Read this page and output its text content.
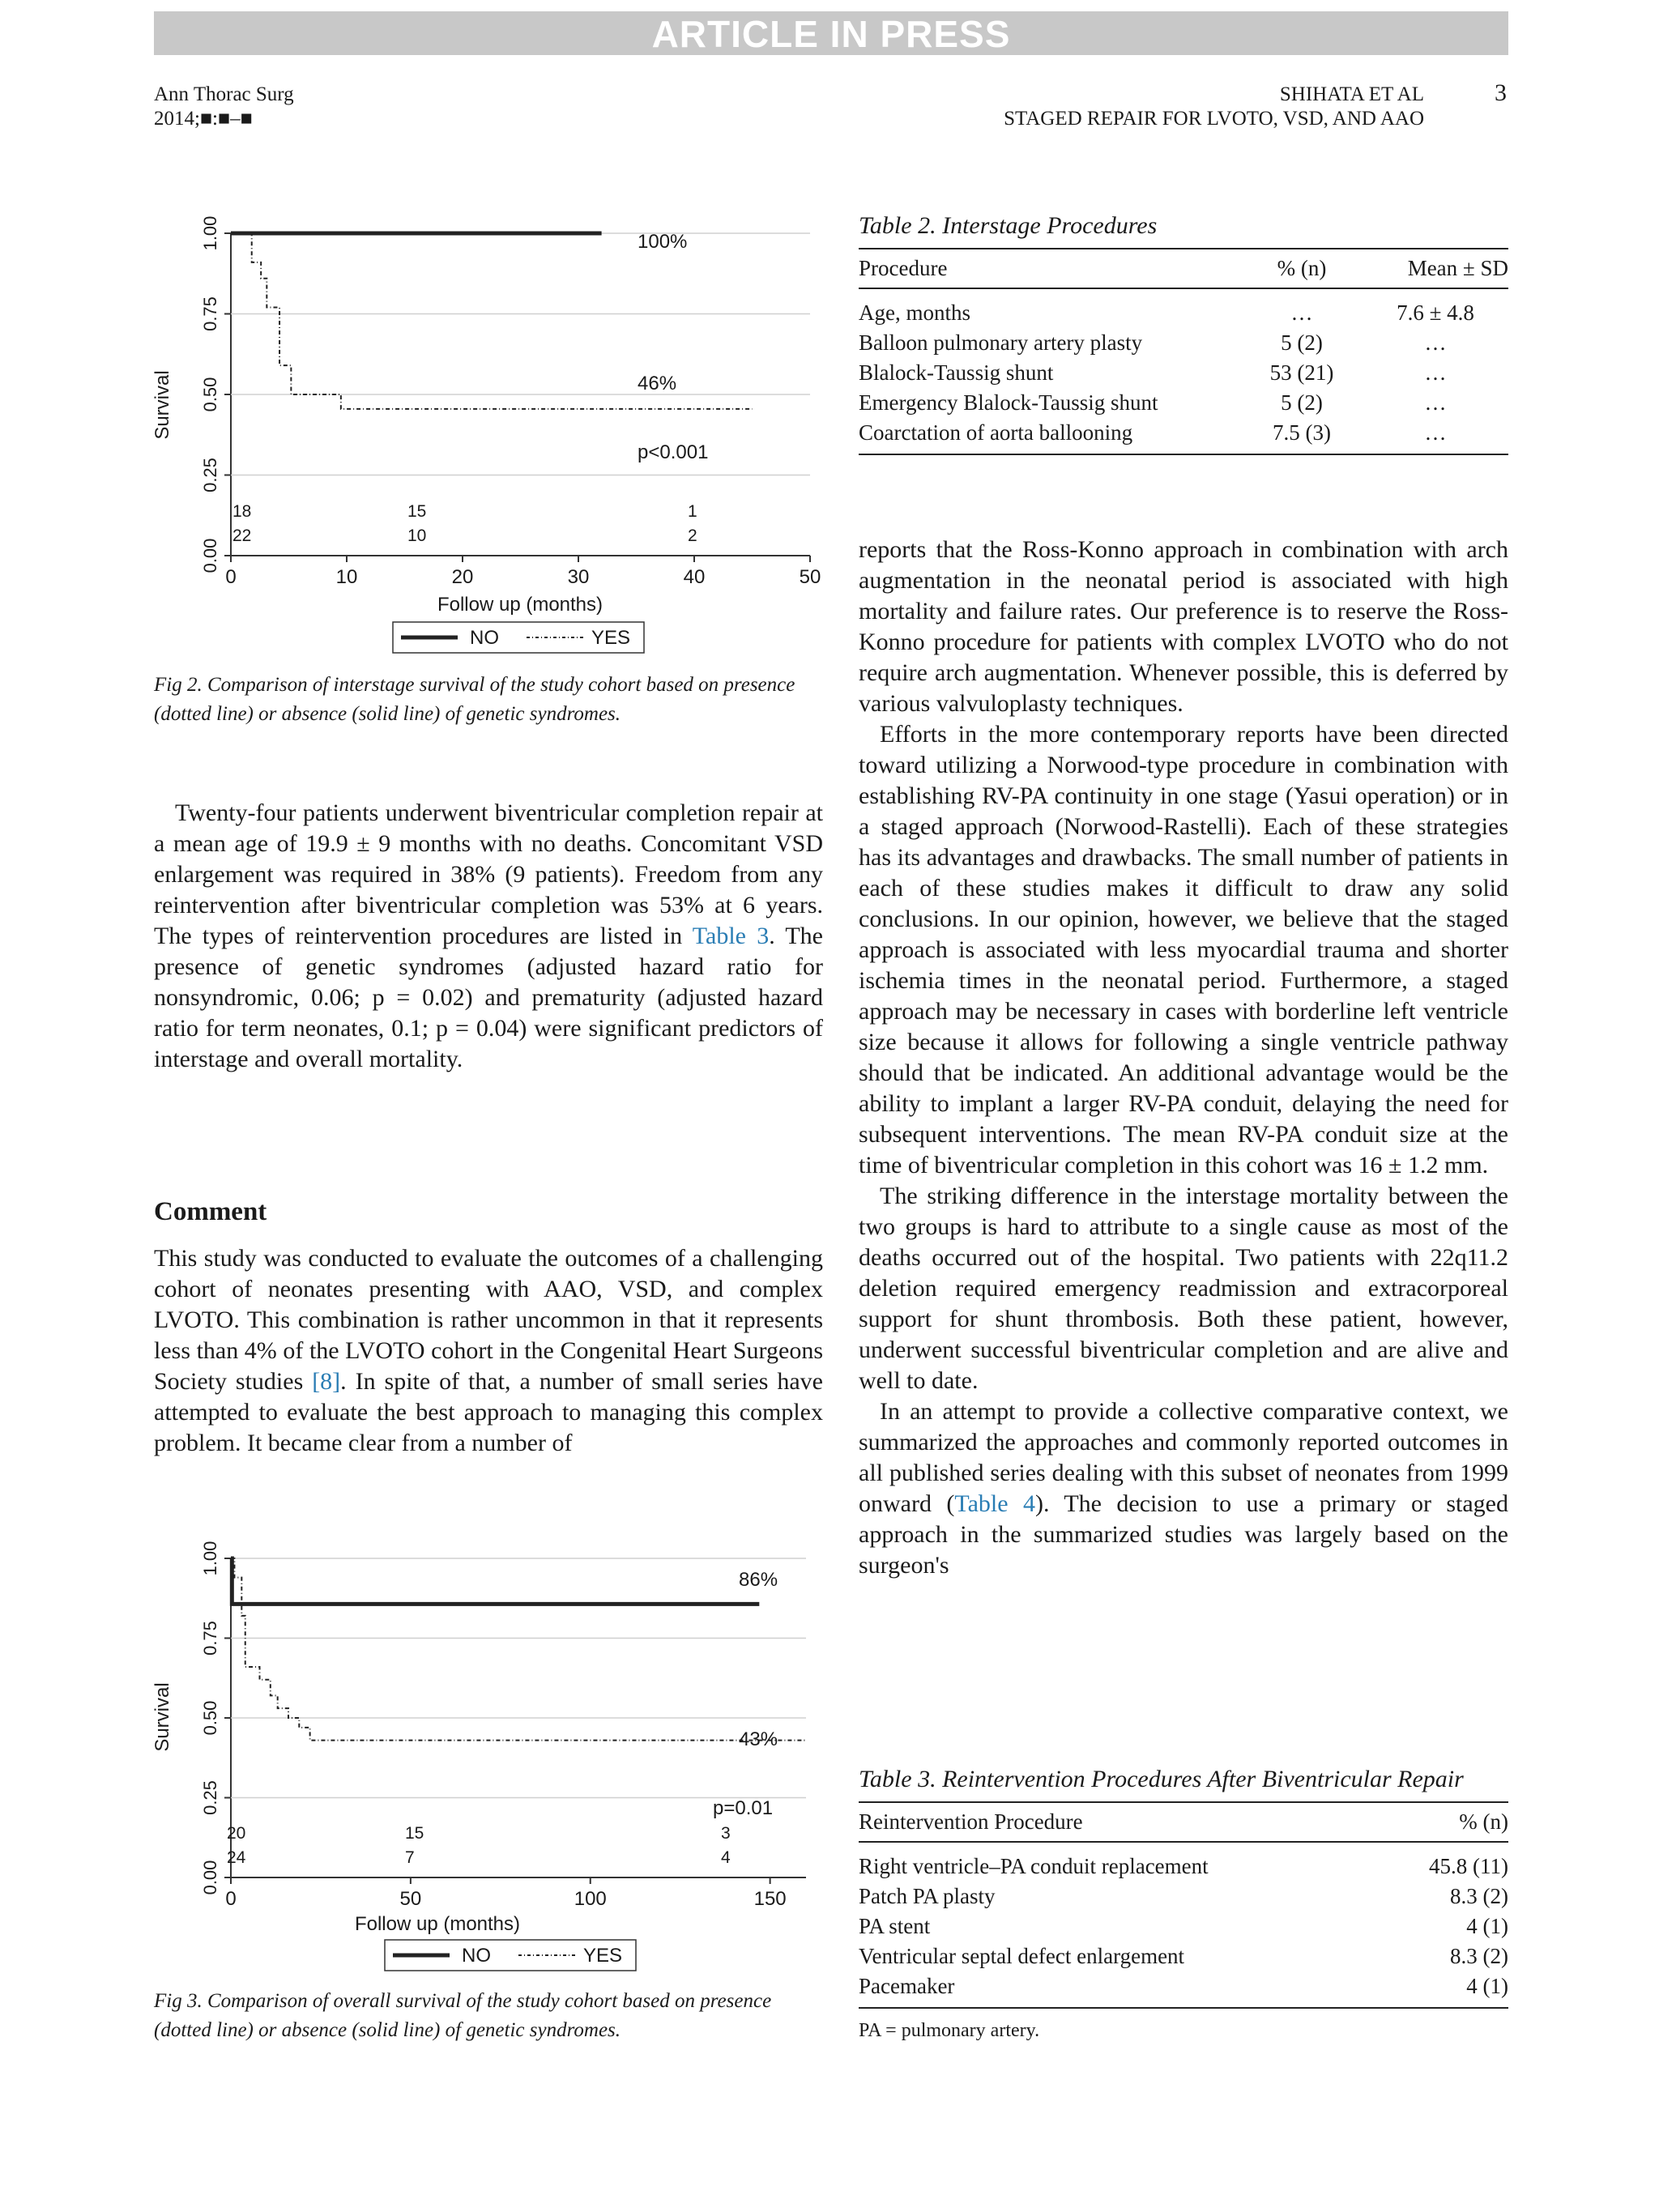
ARTICLE IN PRESS
Ann Thorac Surg
2014;■:■–■
SHIHATA ET AL
STAGED REPAIR FOR LVOTO, VSD, AND AAO
3
Survival
Follow up (months)
NO	YES
0.00
0.25
0.50
0.75
1.00
0	10	20	30	40	50
100%
46%
p<0.001
18	15	1
22	10	2
Fig 2. Comparison of interstage survival of the study cohort based on presence (dotted line) or absence (solid line) of genetic syndromes.

Twenty-four patients underwent biventricular completion repair at a mean age of 19.9 ± 9 months with no deaths. Concomitant VSD enlargement was required in 38% (9 patients). Freedom from any reintervention after biventricular completion was 53% at 6 years. The types of reintervention procedures are listed in Table 3. The presence of genetic syndromes (adjusted hazard ratio for nonsyndromic, 0.06; p = 0.02) and prematurity (adjusted hazard ratio for term neonates, 0.1; p = 0.04) were significant predictors of interstage and overall mortality.

Comment

This study was conducted to evaluate the outcomes of a challenging cohort of neonates presenting with AAO, VSD, and complex LVOTO. This combination is rather uncommon in that it represents less than 4% of the LVOTO cohort in the Congenital Heart Surgeons Society studies [8]. In spite of that, a number of small series have attempted to evaluate the best approach to managing this complex problem. It became clear from a number of

Survival
Follow up (months)
NO	YES
0.00
0.25
0.50
0.75
1.00
0	50	100	150
86%
43%
p=0.01
20	15	3
24	7	4
Fig 3. Comparison of overall survival of the study cohort based on presence (dotted line) or absence (solid line) of genetic syndromes.
Table 2. Interstage Procedures
Procedure	% (n)	Mean ± SD
Age, months	…	7.6 ± 4.8
Balloon pulmonary artery plasty	5 (2)	…
Blalock-Taussig shunt	53 (21)	…
Emergency Blalock-Taussig shunt	5 (2)	…
Coarctation of aorta ballooning	7.5 (3)	…

reports that the Ross-Konno approach in combination with arch augmentation in the neonatal period is associated with high mortality and failure rates. Our preference is to reserve the Ross-Konno procedure for patients with complex LVOTO who do not require arch augmentation. Whenever possible, this is deferred by various valvuloplasty techniques.

Efforts in the more contemporary reports have been directed toward utilizing a Norwood-type procedure in combination with establishing RV-PA continuity in one stage (Yasui operation) or in a staged approach (Norwood-Rastelli). Each of these strategies has its advantages and drawbacks. The small number of patients in each of these studies makes it difficult to draw any solid conclusions. In our opinion, however, we believe that the staged approach is associated with less myocardial trauma and shorter ischemia times in the neonatal period. Furthermore, a staged approach may be necessary in cases with borderline left ventricle size because it allows for following a single ventricle pathway should that be indicated. An additional advantage would be the ability to implant a larger RV-PA conduit, delaying the need for subsequent interventions. The mean RV-PA conduit size at the time of biventricular completion in this cohort was 16 ± 1.2 mm.

The striking difference in the interstage mortality between the two groups is hard to attribute to a single cause as most of the deaths occurred out of the hospital. Two patients with 22q11.2 deletion required emergency readmission and extracorporeal support for shunt thrombosis. Both these patient, however, underwent successful biventricular completion and are alive and well to date.

In an attempt to provide a collective comparative context, we summarized the approaches and commonly reported outcomes in all published series dealing with this subset of neonates from 1999 onward (Table 4). The decision to use a primary or staged approach in the summarized studies was largely based on the surgeon's

Table 3. Reintervention Procedures After Biventricular Repair
Reintervention Procedure	% (n)
Right ventricle–PA conduit replacement	45.8 (11)
Patch PA plasty	8.3 (2)
PA stent	4 (1)
Ventricular septal defect enlargement	8.3 (2)
Pacemaker	4 (1)
PA = pulmonary artery.
